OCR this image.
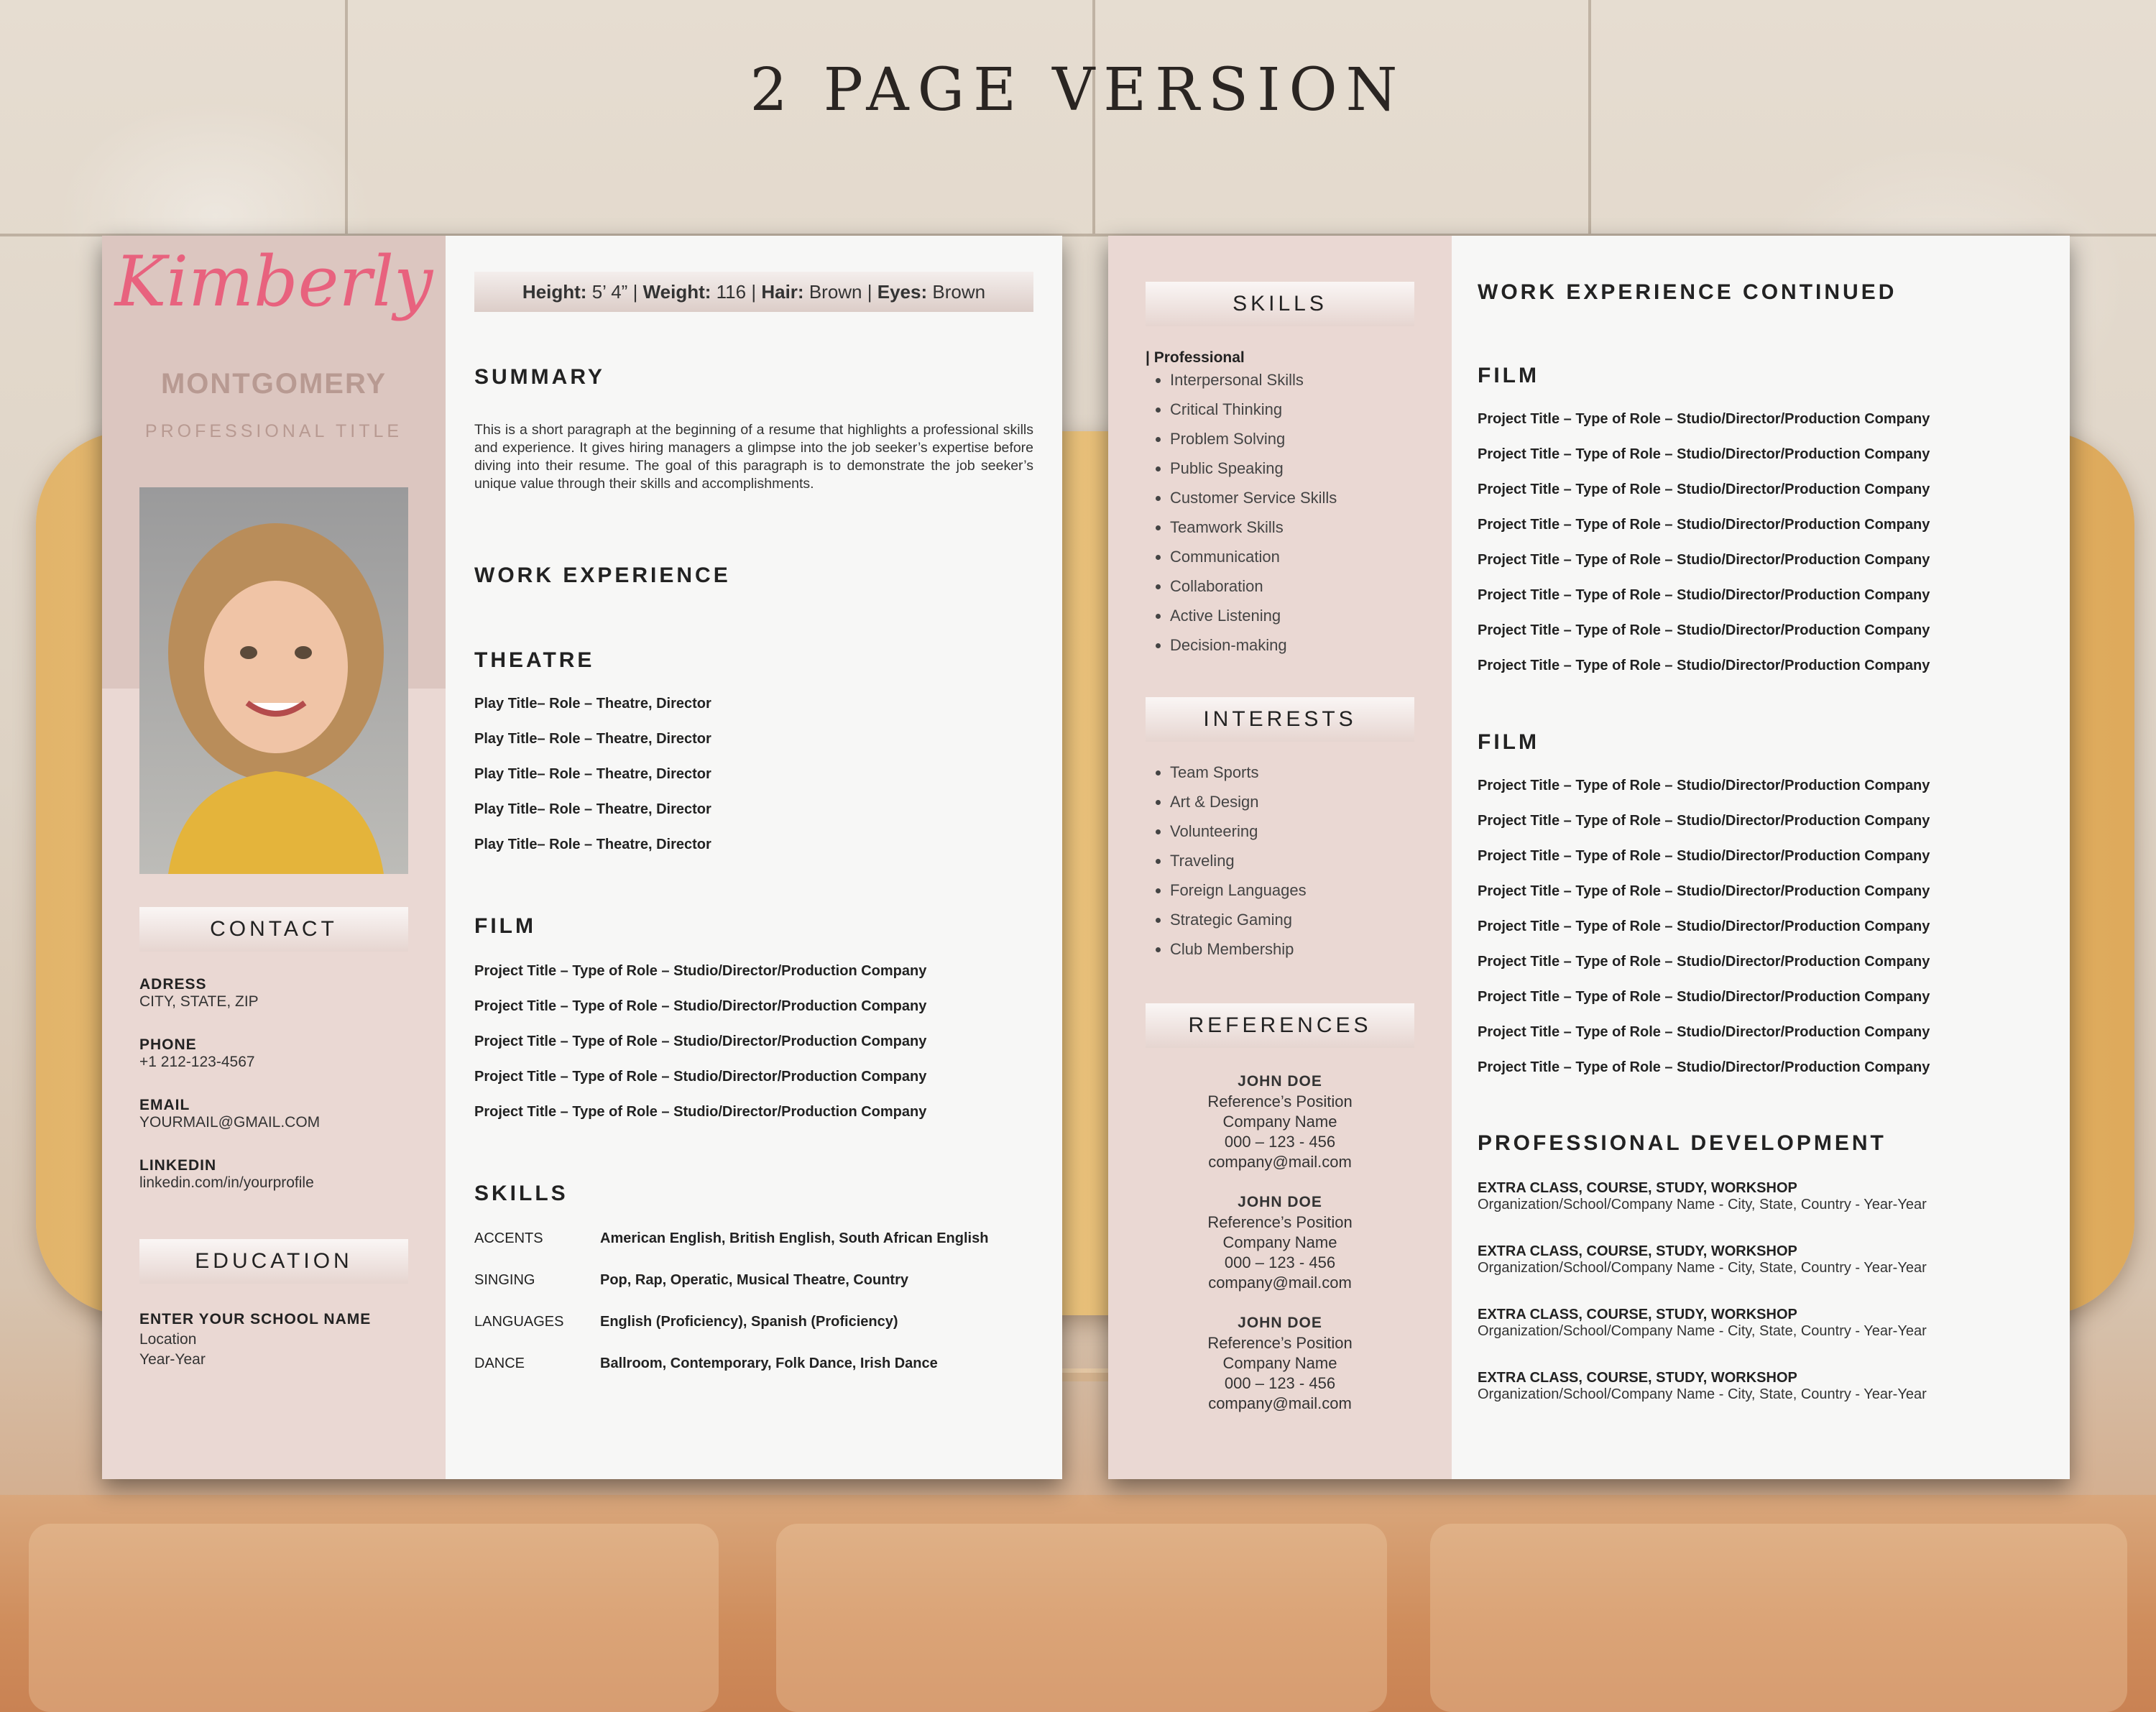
2 PAGE VERSION
Kimberly
MONTGOMERY
PROFESSIONAL TITLE
CONTACT
ADRESS
CITY, STATE, ZIP
PHONE
+1 212-123-4567
EMAIL
YOURMAIL@GMAIL.COM
LINKEDIN
linkedin.com/in/yourprofile
EDUCATION
ENTER YOUR SCHOOL NAME
Location
Year-Year
Height: 5’ 4” | Weight: 116 | Hair: Brown | Eyes: Brown
SUMMARY
This is a short paragraph at the beginning of a resume that highlights a professional skills and experience. It gives hiring managers a glimpse into the job seeker’s expertise before diving into their resume. The goal of this paragraph is to demonstrate the job seeker’s unique value through their skills and accomplishments.
WORK EXPERIENCE
THEATRE
Play Title– Role – Theatre, Director
Play Title– Role – Theatre, Director
Play Title– Role – Theatre, Director
Play Title– Role – Theatre, Director
Play Title– Role – Theatre, Director
FILM
Project Title – Type of Role – Studio/Director/Production Company
Project Title – Type of Role – Studio/Director/Production Company
Project Title – Type of Role – Studio/Director/Production Company
Project Title – Type of Role – Studio/Director/Production Company
Project Title – Type of Role – Studio/Director/Production Company
SKILLS
ACCENTS	American English, British English, South African English
SINGING	Pop, Rap, Operatic, Musical Theatre, Country
LANGUAGES	English (Proficiency), Spanish (Proficiency)
DANCE	Ballroom, Contemporary, Folk Dance, Irish Dance
SKILLS
| Professional
• Interpersonal Skills
• Critical Thinking
• Problem Solving
• Public Speaking
• Customer Service Skills
• Teamwork Skills
• Communication
• Collaboration
• Active Listening
• Decision-making
INTERESTS
• Team Sports
• Art & Design
• Volunteering
• Traveling
• Foreign Languages
• Strategic Gaming
• Club Membership
REFERENCES
JOHN DOE
Reference’s Position
Company Name
000 – 123 - 456
company@mail.com
JOHN DOE
Reference’s Position
Company Name
000 – 123 - 456
company@mail.com
JOHN DOE
Reference’s Position
Company Name
000 – 123 - 456
company@mail.com
WORK EXPERIENCE CONTINUED
FILM
Project Title – Type of Role – Studio/Director/Production Company
Project Title – Type of Role – Studio/Director/Production Company
Project Title – Type of Role – Studio/Director/Production Company
Project Title – Type of Role – Studio/Director/Production Company
Project Title – Type of Role – Studio/Director/Production Company
Project Title – Type of Role – Studio/Director/Production Company
Project Title – Type of Role – Studio/Director/Production Company
Project Title – Type of Role – Studio/Director/Production Company
FILM
Project Title – Type of Role – Studio/Director/Production Company
Project Title – Type of Role – Studio/Director/Production Company
Project Title – Type of Role – Studio/Director/Production Company
Project Title – Type of Role – Studio/Director/Production Company
Project Title – Type of Role – Studio/Director/Production Company
Project Title – Type of Role – Studio/Director/Production Company
Project Title – Type of Role – Studio/Director/Production Company
Project Title – Type of Role – Studio/Director/Production Company
Project Title – Type of Role – Studio/Director/Production Company
PROFESSIONAL DEVELOPMENT
EXTRA CLASS, COURSE, STUDY, WORKSHOP
Organization/School/Company Name - City, State, Country - Year-Year
EXTRA CLASS, COURSE, STUDY, WORKSHOP
Organization/School/Company Name - City, State, Country - Year-Year
EXTRA CLASS, COURSE, STUDY, WORKSHOP
Organization/School/Company Name - City, State, Country - Year-Year
EXTRA CLASS, COURSE, STUDY, WORKSHOP
Organization/School/Company Name - City, State, Country - Year-Year
